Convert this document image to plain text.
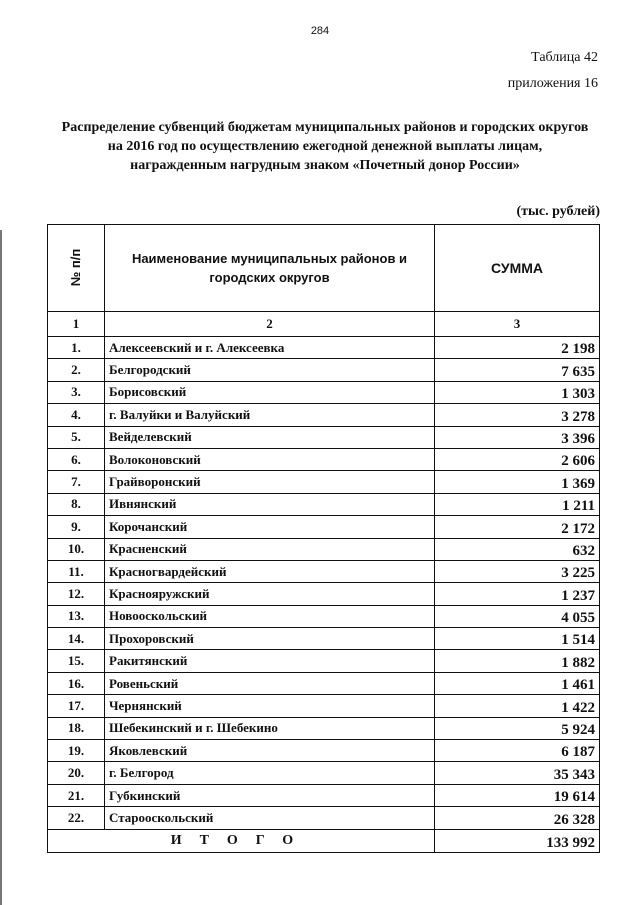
284
Таблица 42
приложения 16
Распределение субвенций бюджетам муниципальных районов и городских округов на 2016 год по осуществлению ежегодной денежной выплаты лицам, награжденным нагрудным знаком «Почетный донор России»
(тыс. рублей)
№ п/п	Наименование муниципальных районов и городских округов	СУММА
1	2	3
1.	Алексеевский и г. Алексеевка	2 198
2.	Белгородский	7 635
3.	Борисовский	1 303
4.	г. Валуйки и Валуйский	3 278
5.	Вейделевский	3 396
6.	Волоконовский	2 606
7.	Грайворонский	1 369
8.	Ивнянский	1 211
9.	Корочанский	2 172
10.	Красненский	632
11.	Красногвардейский	3 225
12.	Краснояружский	1 237
13.	Новооскольский	4 055
14.	Прохоровский	1 514
15.	Ракитянский	1 882
16.	Ровеньский	1 461
17.	Чернянский	1 422
18.	Шебекинский и г. Шебекино	5 924
19.	Яковлевский	6 187
20.	г. Белгород	35 343
21.	Губкинский	19 614
22.	Старооскольский	26 328
ИТОГО		133 992
